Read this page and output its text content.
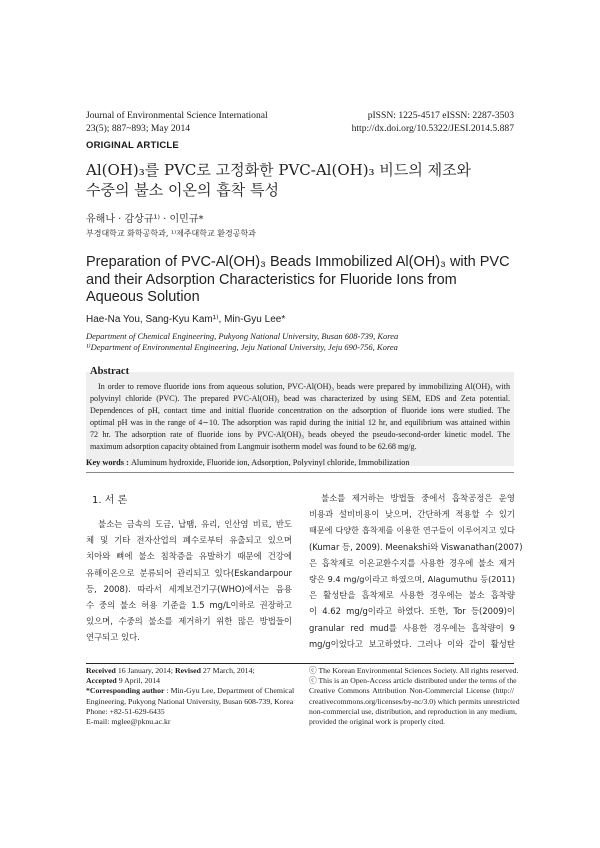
Journal of Environmental Science International
23(5); 887~893; May 2014
pISSN: 1225-4517 eISSN: 2287-3503
http://dx.doi.org/10.5322/JESI.2014.5.887
ORIGINAL ARTICLE
Al(OH)₃를 PVC로 고정화한 PVC-Al(OH)₃ 비드의 제조와
수중의 불소 이온의 흡착 특성
유해나 · 감상규¹⁾ · 이민규*
부경대학교 화학공학과, ¹⁾제주대학교 환경공학과
Preparation of PVC-Al(OH)₃ Beads Immobilized Al(OH)₃ with PVC
and their Adsorption Characteristics for Fluoride Ions from
Aqueous Solution
Hae-Na You, Sang-Kyu Kam¹⁾, Min-Gyu Lee*
Department of Chemical Engineering, Pukyong National University, Busan 608-739, Korea
¹⁾Department of Environmental Engineering, Jeju National University, Jeju 690-756, Korea
Abstract
In order to remove fluoride ions from aqueous solution, PVC-Al(OH)₃ beads were prepared by immobilizing Al(OH)₃ with
polyvinyl chloride (PVC). The prepared PVC-Al(OH)₃ bead was characterized by using SEM, EDS and Zeta potential.
Dependences of pH, contact time and initial fluoride concentration on the adsorption of fluoride ions were studied. The
optimal pH was in the range of 4∼10. The adsorption was rapid during the initial 12 hr, and equilibrium was attained within
72 hr. The adsorption rate of fluoride ions by PVC-Al(OH)₃ beads obeyed the pseudo-second-order kinetic model. The
maximum adsorption capacity obtained from Langmuir isotherm model was found to be 62.68 mg/g.
Key words : Aluminum hydroxide, Fluoride ion, Adsorption, Polyvinyl chloride, Immobilization
1. 서 론
불소는 금속의 도금, 납땜, 유리, 인산염 비료, 반도
체 및 기타 전자산업의 폐수로부터 유출되고 있으며
치아와 뼈에 불소 침착증을 유발하기 때문에 건강에
유해이온으로 분류되어 관리되고 있다(Eskandarpour
등, 2008). 따라서 세계보건기구(WHO)에서는 음용
수 중의 불소 허용 기준을 1.5 mg/L이하로 권장하고
있으며, 수중의 불소를 제거하기 위한 많은 방법들이
연구되고 있다.
불소를 제거하는 방법들 중에서 흡착공정은 운영
비용과 설비비용이 낮으며, 간단하게 적용할 수 있기
때문에 다양한 흡착제를 이용한 연구들이 이루어지고 있다
(Kumar 등, 2009). Meenakshi와 Viswanathan(2007)
은 흡착제로 이온교환수지를 사용한 경우에 불소 제거
량은 9.4 mg/g이라고 하였으며, Alagumuthu 등(2011)
은 활성탄을 흡착제로 사용한 경우에는 불소 흡착량
이 4.62 mg/g이라고 하였다. 또한, Tor 등(2009)이
granular red mud를 사용한 경우에는 흡착량이 9
mg/g이었다고 보고하였다. 그러나 이와 같이 활성탄
Received 16 January, 2014; Revised 27 March, 2014;
Accepted 9 April, 2014
*Corresponding author : Min-Gyu Lee, Department of Chemical
Engineering, Pukyong National University, Busan 608-739, Korea
Phone: +82-51-629-6435
E-mail: mglee@pknu.ac.kr
ⓒ The Korean Environmental Sciences Society. All rights reserved.
ⓒ This is an Open-Access article distributed under the terms of the
Creative Commons Attribution Non-Commercial License (http://
creativecommons.org/licenses/by-nc/3.0) which permits unrestricted
non-commercial use, distribution, and reproduction in any medium,
provided the original work is properly cited.
